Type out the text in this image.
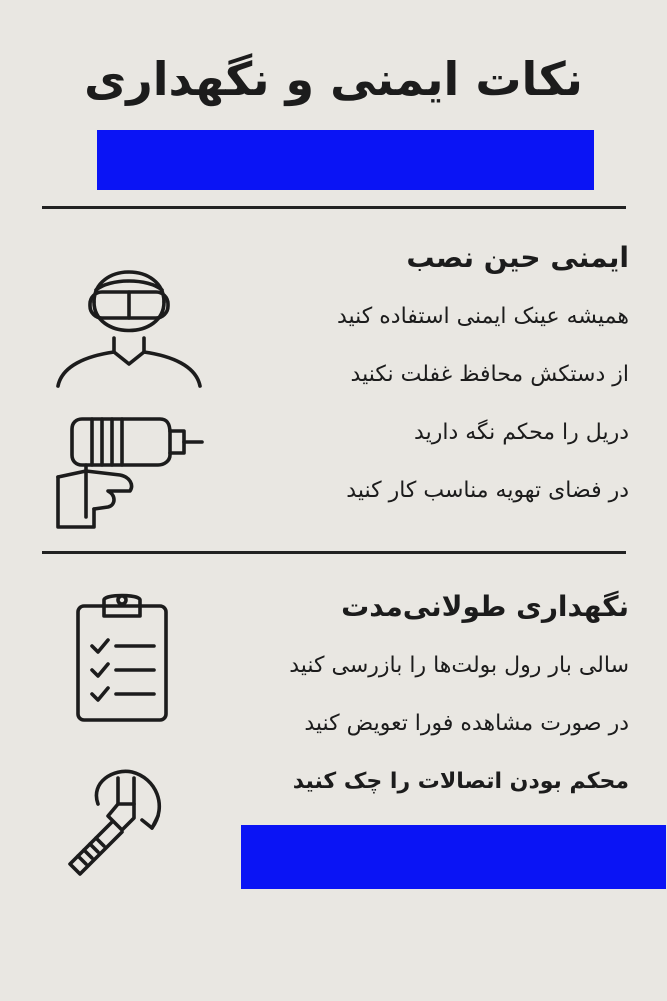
نکات ایمنی و نگهداری
ایمنی حین نصب
همیشه عینک ایمنی استفاده کنید
از دستکش محافظ غفلت نکنید
دریل را محکم نگه دارید
در فضای تهویه مناسب کار کنید
نگهداری طولانی‌مدت
سالی بار رول بولت‌ها را بازرسی کنید
در صورت مشاهده فورا تعویض کنید
محکم بودن اتصالات را چک کنید
